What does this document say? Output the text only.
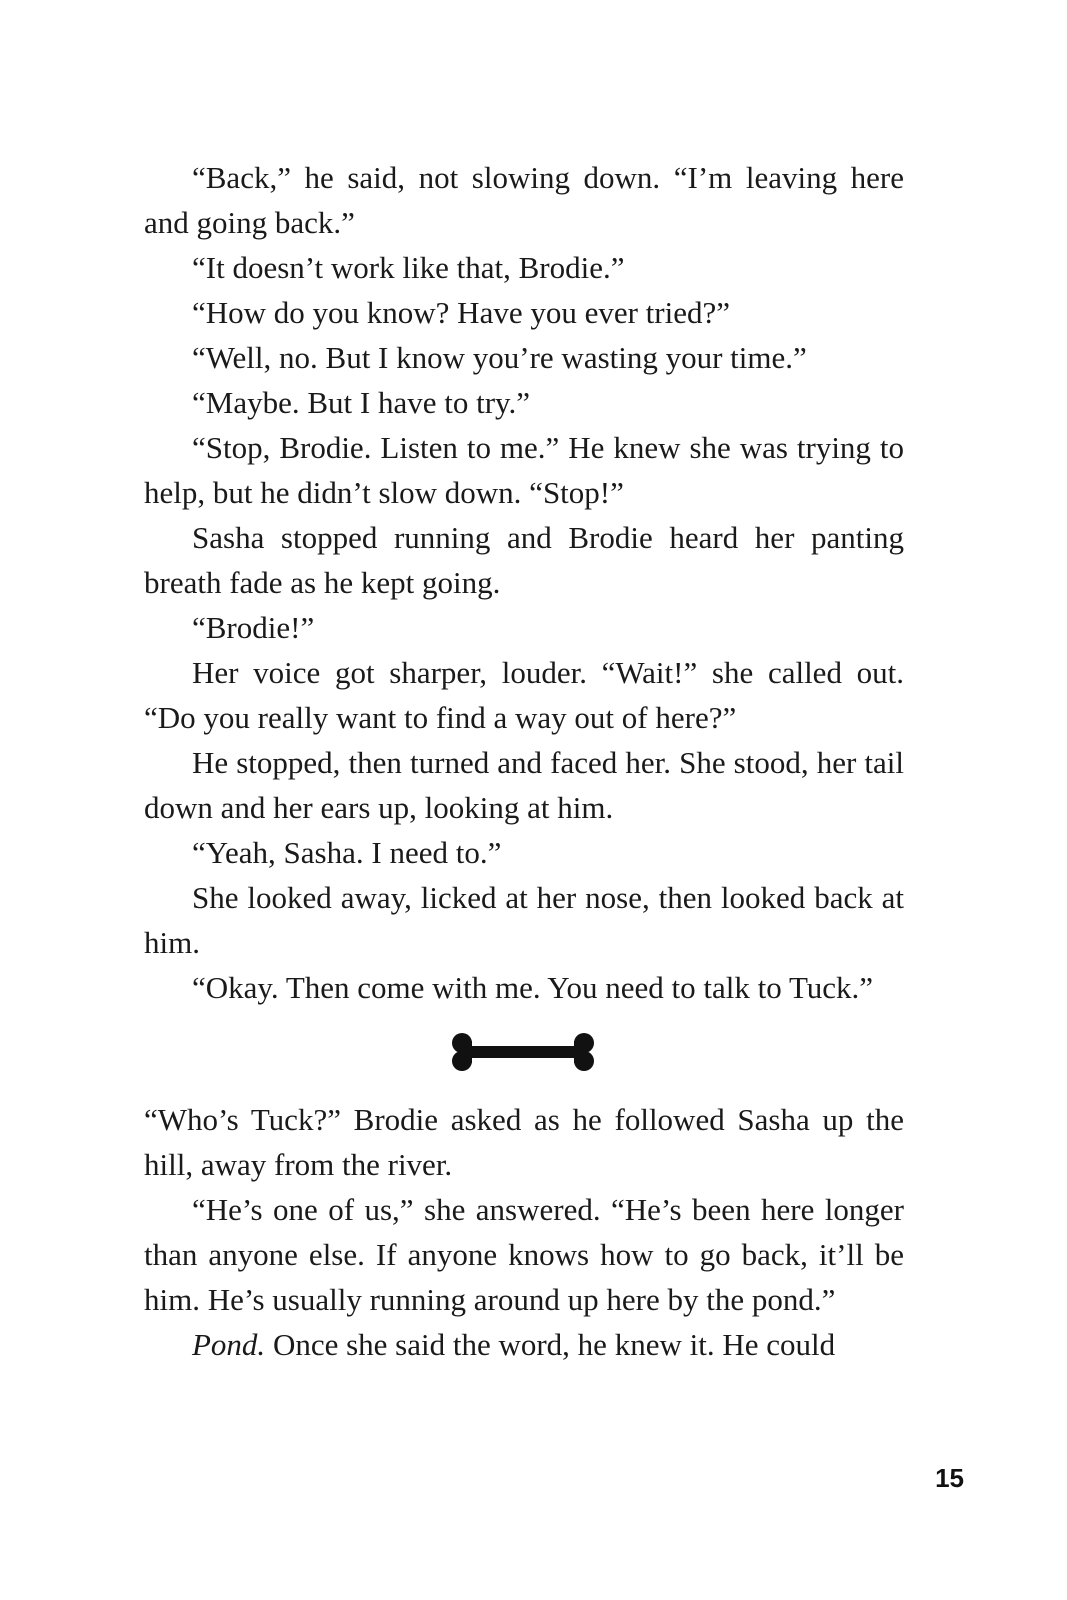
“Back,” he said, not slowing down. “I’m leaving here and going back.”

“It doesn’t work like that, Brodie.”

“How do you know? Have you ever tried?”

“Well, no. But I know you’re wasting your time.”

“Maybe. But I have to try.”

“Stop, Brodie. Listen to me.” He knew she was trying to help, but he didn’t slow down. “Stop!”

Sasha stopped running and Brodie heard her panting breath fade as he kept going.

“Brodie!”

Her voice got sharper, louder. “Wait!” she called out. “Do you really want to find a way out of here?”

He stopped, then turned and faced her. She stood, her tail down and her ears up, looking at him.

“Yeah, Sasha. I need to.”

She looked away, licked at her nose, then looked back at him.

“Okay. Then come with me. You need to talk to Tuck.”

“Who’s Tuck?” Brodie asked as he followed Sasha up the hill, away from the river.

“He’s one of us,” she answered. “He’s been here longer than anyone else. If anyone knows how to go back, it’ll be him. He’s usually running around up here by the pond.”

Pond. Once she said the word, he knew it. He could

15
